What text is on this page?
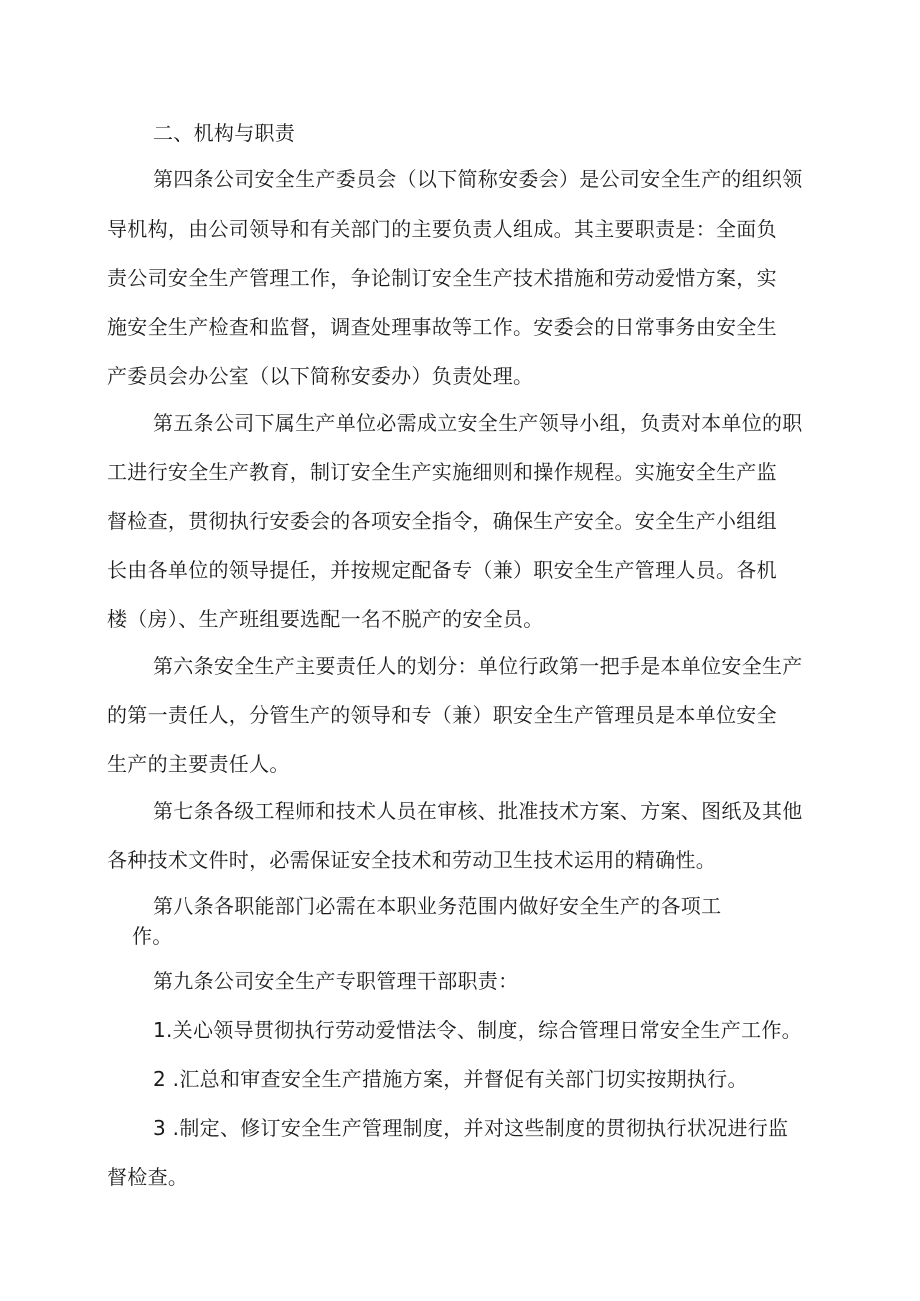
二、机构与职责
第四条公司安全生产委员会（以下简称安委会）是公司安全生产的组织领
导机构，由公司领导和有关部门的主要负责人组成。其主要职责是：全面负
责公司安全生产管理工作，争论制订安全生产技术措施和劳动爱惜方案，实
施安全生产检查和监督，调查处理事故等工作。安委会的日常事务由安全生
产委员会办公室（以下简称安委办）负责处理。
第五条公司下属生产单位必需成立安全生产领导小组，负责对本单位的职
工进行安全生产教育，制订安全生产实施细则和操作规程。实施安全生产监
督检查，贯彻执行安委会的各项安全指令，确保生产安全。安全生产小组组
长由各单位的领导提任，并按规定配备专（兼）职安全生产管理人员。各机
楼（房）、生产班组要选配一名不脱产的安全员。
第六条安全生产主要责任人的划分：单位行政第一把手是本单位安全生产
的第一责任人，分管生产的领导和专（兼）职安全生产管理员是本单位安全
生产的主要责任人。
第七条各级工程师和技术人员在审核、批准技术方案、方案、图纸及其他
各种技术文件时，必需保证安全技术和劳动卫生技术运用的精确性。
第八条各职能部门必需在本职业务范围内做好安全生产的各项工
作。
第九条公司安全生产专职管理干部职责：
1.关心领导贯彻执行劳动爱惜法令、制度，综合管理日常安全生产工作。
2 .汇总和审查安全生产措施方案，并督促有关部门切实按期执行。
3 .制定、修订安全生产管理制度，并对这些制度的贯彻执行状况进行监
督检查。
